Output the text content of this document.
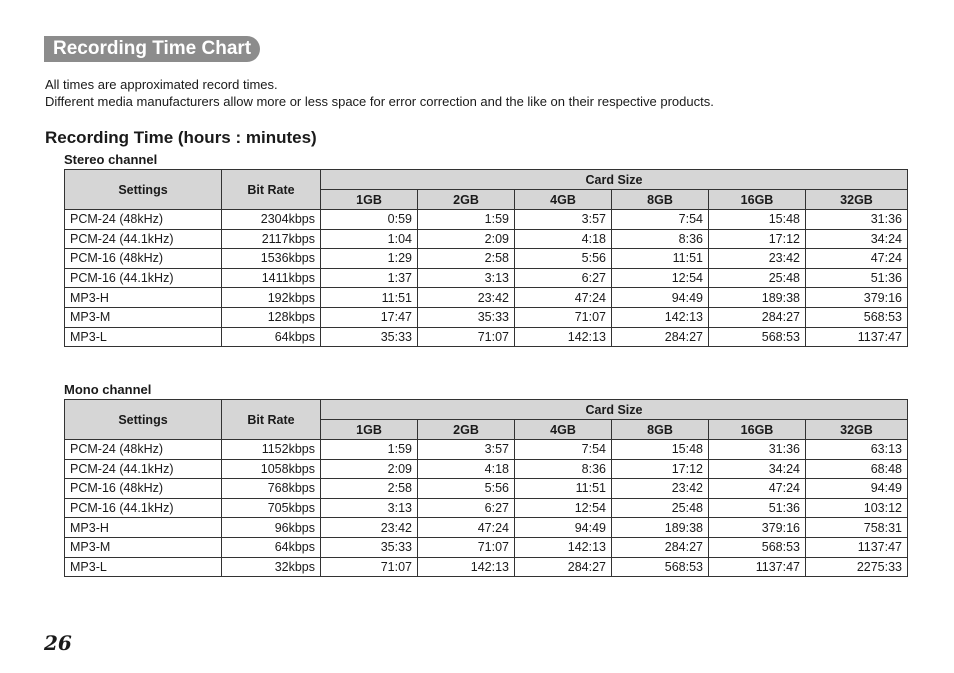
Recording Time Chart
All times are approximated record times.
Different media manufacturers allow more or less space for error correction and the like on their respective products.
Recording Time (hours : minutes)
Stereo channel
Settings	Bit Rate	Card Size					
		1GB	2GB	4GB	8GB	16GB	32GB
PCM-24 (48kHz)	2304kbps	0:59	1:59	3:57	7:54	15:48	31:36
PCM-24 (44.1kHz)	2117kbps	1:04	2:09	4:18	8:36	17:12	34:24
PCM-16 (48kHz)	1536kbps	1:29	2:58	5:56	11:51	23:42	47:24
PCM-16 (44.1kHz)	1411kbps	1:37	3:13	6:27	12:54	25:48	51:36
MP3-H	192kbps	11:51	23:42	47:24	94:49	189:38	379:16
MP3-M	128kbps	17:47	35:33	71:07	142:13	284:27	568:53
MP3-L	64kbps	35:33	71:07	142:13	284:27	568:53	1137:47
Mono channel
Settings	Bit Rate	Card Size					
		1GB	2GB	4GB	8GB	16GB	32GB
PCM-24 (48kHz)	1152kbps	1:59	3:57	7:54	15:48	31:36	63:13
PCM-24 (44.1kHz)	1058kbps	2:09	4:18	8:36	17:12	34:24	68:48
PCM-16 (48kHz)	768kbps	2:58	5:56	11:51	23:42	47:24	94:49
PCM-16 (44.1kHz)	705kbps	3:13	6:27	12:54	25:48	51:36	103:12
MP3-H	96kbps	23:42	47:24	94:49	189:38	379:16	758:31
MP3-M	64kbps	35:33	71:07	142:13	284:27	568:53	1137:47
MP3-L	32kbps	71:07	142:13	284:27	568:53	1137:47	2275:33
26
